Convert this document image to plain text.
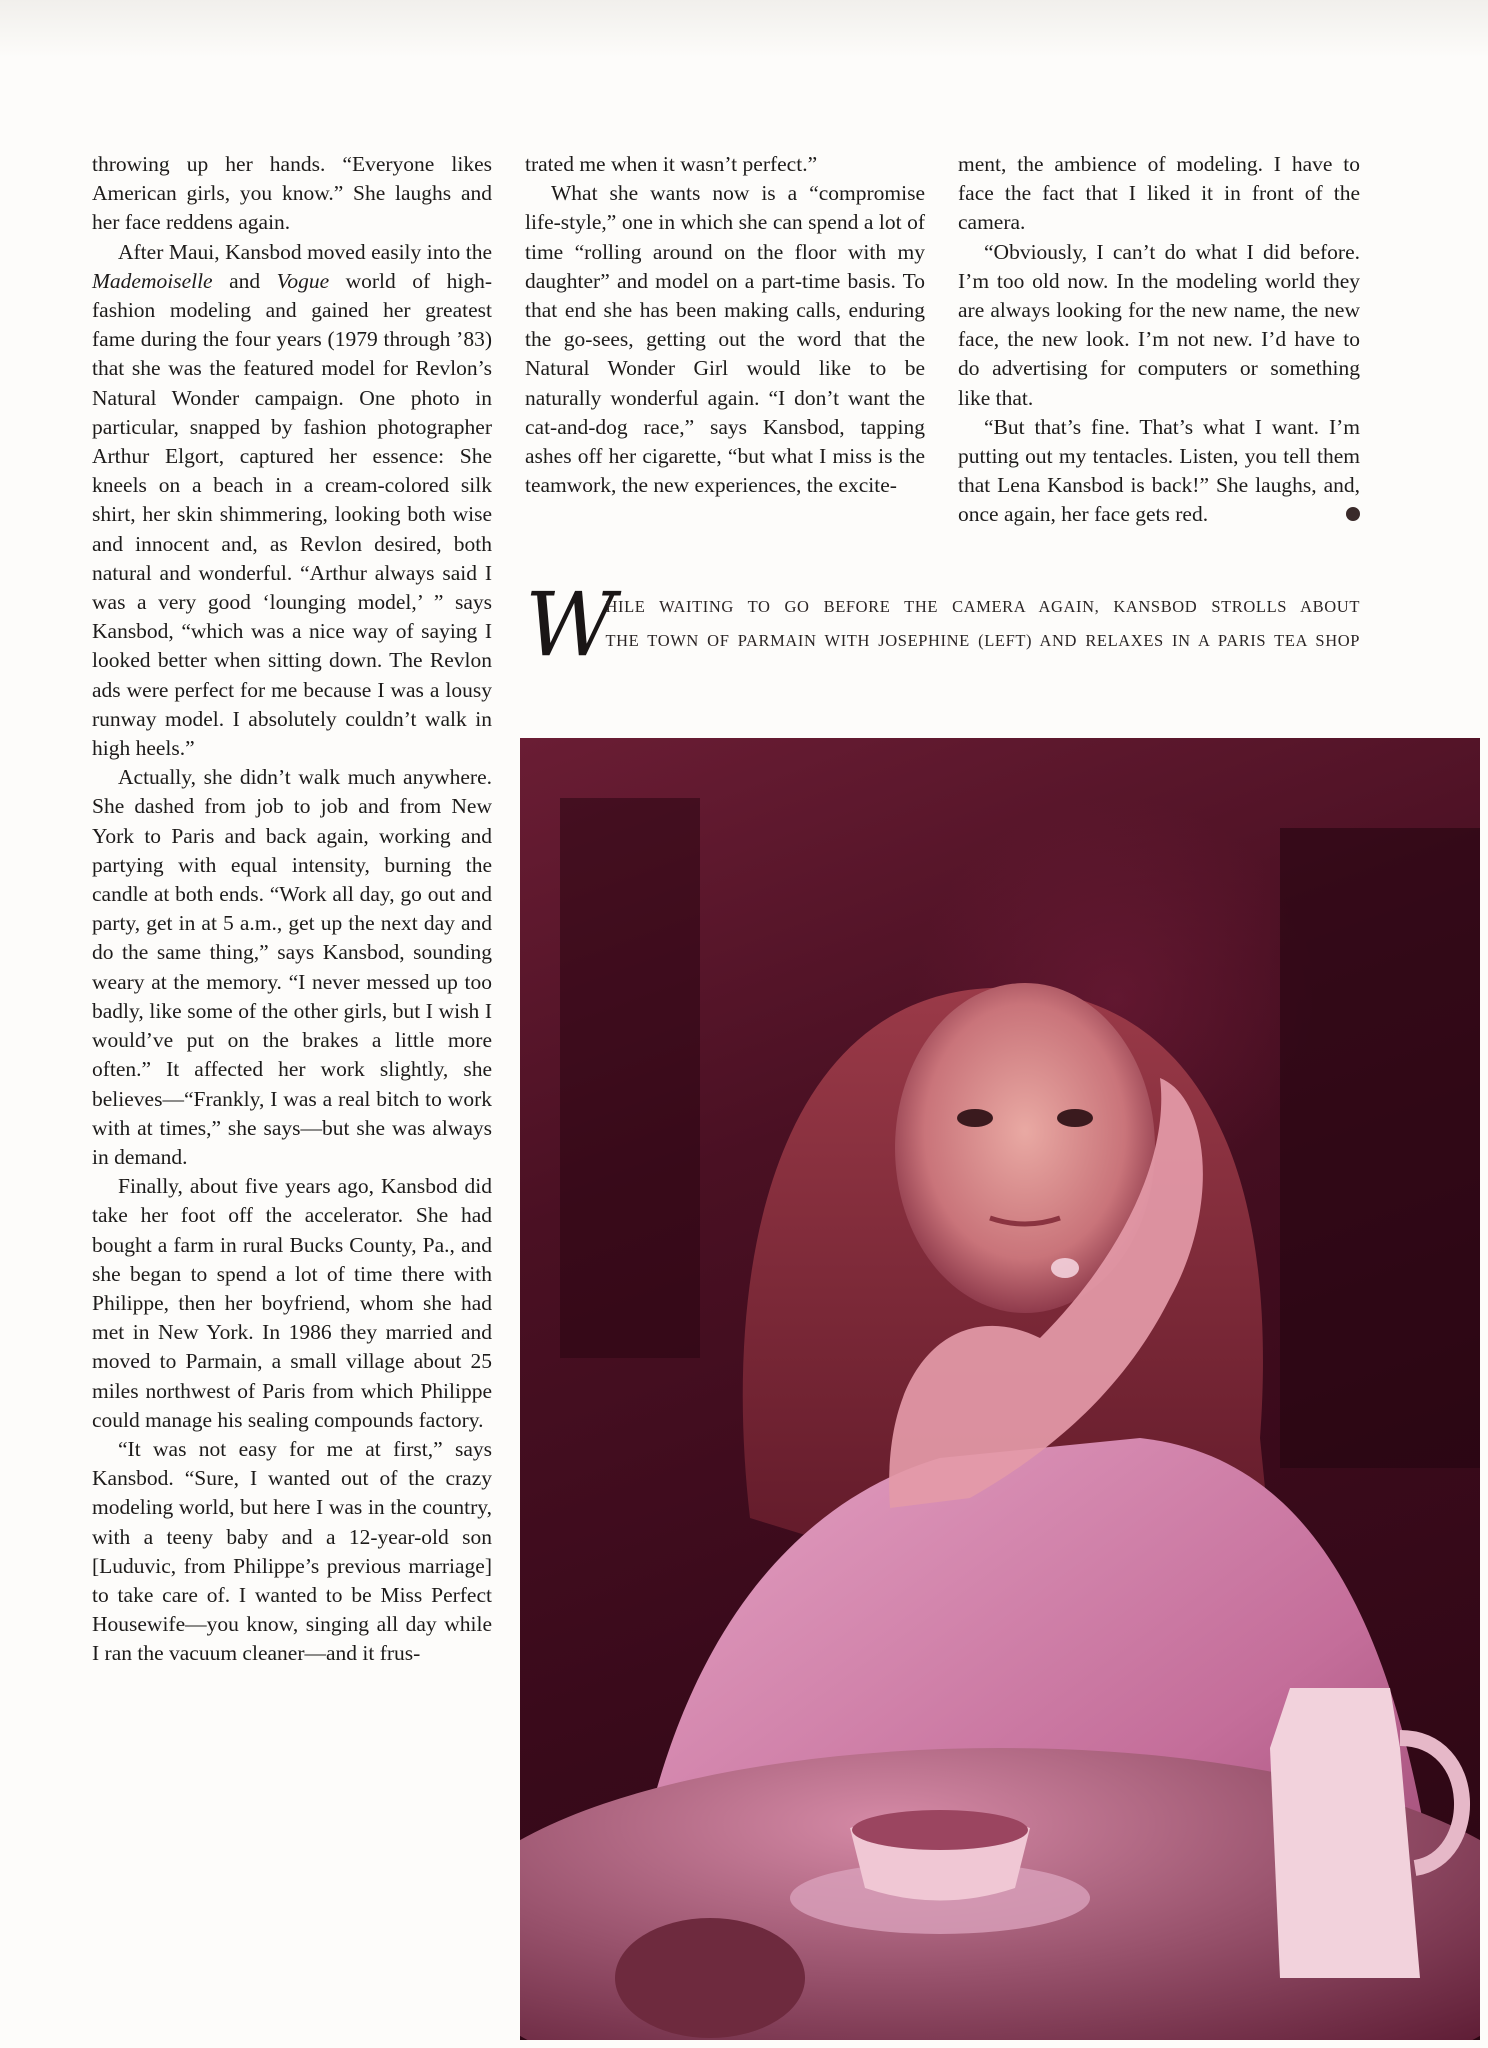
throwing up her hands. “Everyone likes American girls, you know.” She laughs and her face reddens again.

After Maui, Kansbod moved easily into the Mademoiselle and Vogue world of high-fashion modeling and gained her greatest fame during the four years (1979 through ’83) that she was the featured model for Revlon’s Natural Wonder campaign. One photo in particular, snapped by fashion photographer Arthur Elgort, captured her essence: She kneels on a beach in a cream-colored silk shirt, her skin shimmering, looking both wise and innocent and, as Revlon desired, both natural and wonderful. “Arthur always said I was a very good ‘lounging model,’ ” says Kansbod, “which was a nice way of saying I looked better when sitting down. The Revlon ads were perfect for me because I was a lousy runway model. I absolutely couldn’t walk in high heels.”

Actually, she didn’t walk much anywhere. She dashed from job to job and from New York to Paris and back again, working and partying with equal intensity, burning the candle at both ends. “Work all day, go out and party, get in at 5 a.m., get up the next day and do the same thing,” says Kansbod, sounding weary at the memory. “I never messed up too badly, like some of the other girls, but I wish I would’ve put on the brakes a little more often.” It affected her work slightly, she believes—“Frankly, I was a real bitch to work with at times,” she says—but she was always in demand.

Finally, about five years ago, Kansbod did take her foot off the accelerator. She had bought a farm in rural Bucks County, Pa., and she began to spend a lot of time there with Philippe, then her boyfriend, whom she had met in New York. In 1986 they married and moved to Parmain, a small village about 25 miles northwest of Paris from which Philippe could manage his sealing compounds factory.

“It was not easy for me at first,” says Kansbod. “Sure, I wanted out of the crazy modeling world, but here I was in the country, with a teeny baby and a 12-year-old son [Luduvic, from Philippe’s previous marriage] to take care of. I wanted to be Miss Perfect Housewife—you know, singing all day while I ran the vacuum cleaner—and it frus-

trated me when it wasn’t perfect.”

What she wants now is a “compromise life-style,” one in which she can spend a lot of time “rolling around on the floor with my daughter” and model on a part-time basis. To that end she has been making calls, enduring the go-sees, getting out the word that the Natural Wonder Girl would like to be naturally wonderful again. “I don’t want the cat-and-dog race,” says Kansbod, tapping ashes off her cigarette, “but what I miss is the teamwork, the new experiences, the excite-

ment, the ambience of modeling. I have to face the fact that I liked it in front of the camera.

“Obviously, I can’t do what I did before. I’m too old now. In the modeling world they are always looking for the new name, the new face, the new look. I’m not new. I’d have to do advertising for computers or something like that.

“But that’s fine. That’s what I want. I’m putting out my tentacles. Listen, you tell them that Lena Kansbod is back!” She laughs, and, once again, her face gets red.

W HILE WAITING TO GO BEFORE THE CAMERA AGAIN, KANSBOD STROLLS ABOUT
THE TOWN OF PARMAIN WITH JOSEPHINE (LEFT) AND RELAXES IN A PARIS TEA SHOP
